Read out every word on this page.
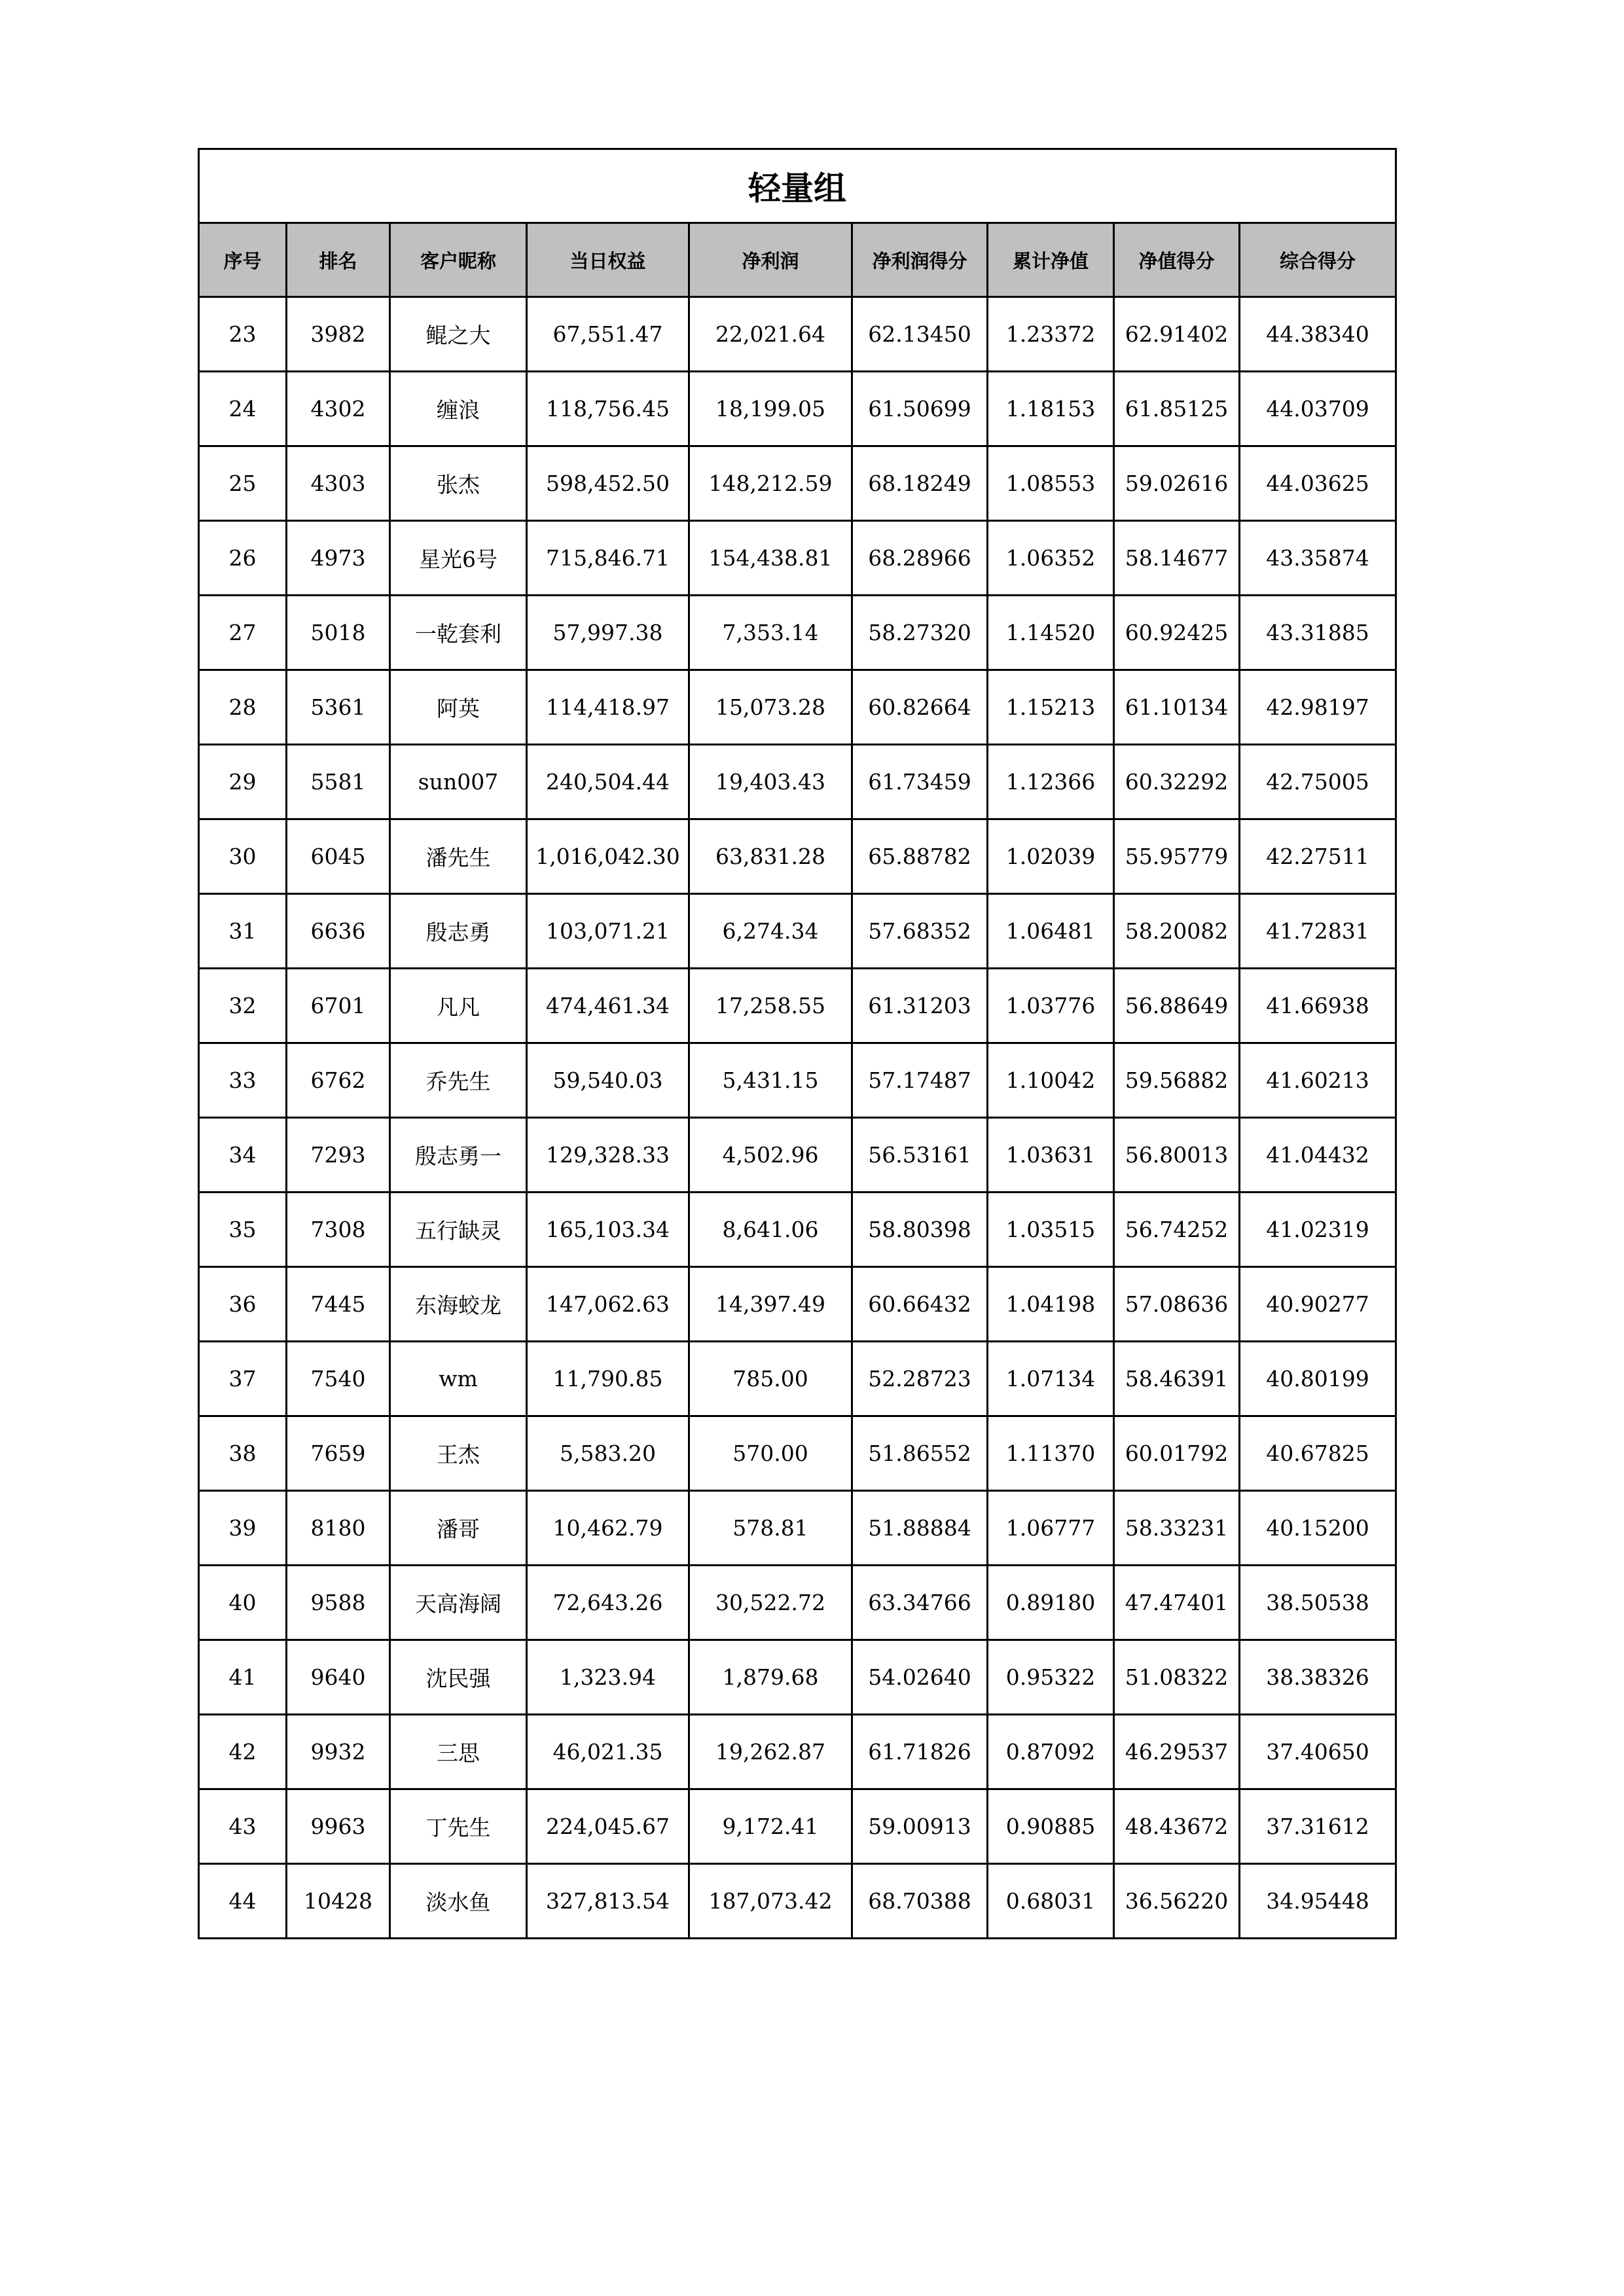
轻量组								
序号	排名	客户昵称	当日权益	净利润	净利润得分	累计净值	净值得分	综合得分
23	3982	鲲之大	67,551.47	22,021.64	62.13450	1.23372	62.91402	44.38340
24	4302	缠浪	118,756.45	18,199.05	61.50699	1.18153	61.85125	44.03709
25	4303	张杰	598,452.50	148,212.59	68.18249	1.08553	59.02616	44.03625
26	4973	星光6号	715,846.71	154,438.81	68.28966	1.06352	58.14677	43.35874
27	5018	一乾套利	57,997.38	7,353.14	58.27320	1.14520	60.92425	43.31885
28	5361	阿英	114,418.97	15,073.28	60.82664	1.15213	61.10134	42.98197
29	5581	sun007	240,504.44	19,403.43	61.73459	1.12366	60.32292	42.75005
30	6045	潘先生	1,016,042.30	63,831.28	65.88782	1.02039	55.95779	42.27511
31	6636	殷志勇	103,071.21	6,274.34	57.68352	1.06481	58.20082	41.72831
32	6701	凡凡	474,461.34	17,258.55	61.31203	1.03776	56.88649	41.66938
33	6762	乔先生	59,540.03	5,431.15	57.17487	1.10042	59.56882	41.60213
34	7293	殷志勇一	129,328.33	4,502.96	56.53161	1.03631	56.80013	41.04432
35	7308	五行缺灵	165,103.34	8,641.06	58.80398	1.03515	56.74252	41.02319
36	7445	东海蛟龙	147,062.63	14,397.49	60.66432	1.04198	57.08636	40.90277
37	7540	wm	11,790.85	785.00	52.28723	1.07134	58.46391	40.80199
38	7659	王杰	5,583.20	570.00	51.86552	1.11370	60.01792	40.67825
39	8180	潘哥	10,462.79	578.81	51.88884	1.06777	58.33231	40.15200
40	9588	天高海阔	72,643.26	30,522.72	63.34766	0.89180	47.47401	38.50538
41	9640	沈民强	1,323.94	1,879.68	54.02640	0.95322	51.08322	38.38326
42	9932	三思	46,021.35	19,262.87	61.71826	0.87092	46.29537	37.40650
43	9963	丁先生	224,045.67	9,172.41	59.00913	0.90885	48.43672	37.31612
44	10428	淡水鱼	327,813.54	187,073.42	68.70388	0.68031	36.56220	34.95448
